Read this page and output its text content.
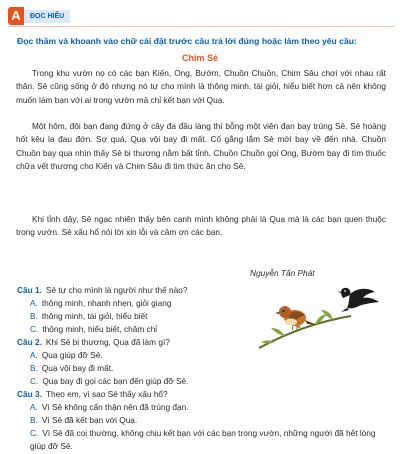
A	ĐỌC HIỂU
Đọc thầm và khoanh vào chữ cái đặt trước câu trả lời đúng hoặc làm theo yêu cầu:
Chim Sẻ

Trong khu vườn nọ có các bạn Kiến, Ong, Bướm, Chuồn Chuồn, Chim Sâu chơi với nhau rất thân. Sẻ cũng sống ở đó nhưng nó tự cho mình là thông minh, tài giỏi, hiểu biết hơn cả nên không muốn làm bạn với ai trong vườn mà chỉ kết bạn với Quạ.

Một hôm, đôi bạn đang đứng ở cây đa đầu làng thì bỗng một viên đạn bay trúng Sẻ. Sẻ hoảng hốt kêu la đau đớn. Sợ quá, Quạ vội bay đi mất. Cố gắng lắm Sẻ mới bay về đến nhà. Chuồn Chuồn bay qua nhìn thấy Sẻ bị thương nằm bất tỉnh. Chuồn Chuồn gọi Ong, Bướm bay đi tìm thuốc chữa vết thương cho Kiến và Chim Sâu đi tìm thức ăn cho Sẻ.

Khi tỉnh dậy, Sẻ ngạc nhiên thấy bên cạnh mình không phải là Quạ mà là các bạn quen thuộc trong vườn. Sẻ xấu hổ nói lời xin lỗi và cảm ơn các bạn.

Nguyễn Tấn Phát
Câu 1. Sẻ tự cho mình là người như thế nào?
A. thông minh, nhanh nhẹn, giỏi giang
B. thông minh, tài giỏi, hiểu biết
C. thông minh, hiểu biết, chăm chỉ
Câu 2. Khi Sẻ bị thương, Quạ đã làm gì?
A. Quạ giúp đỡ Sẻ.
B. Quạ vội bay đi mất.
C. Quạ bay đi gọi các bạn đến giúp đỡ Sẻ.
Câu 3. Theo em, vì sao Sẻ thấy xấu hổ?
A. Vì Sẻ không cẩn thận nên đã trúng đạn.
B. Vì Sẻ đã kết bạn với Quạ.
C. Vì Sẻ đã coi thường, không chịu kết bạn với các bạn trong vườn, những người đã hết lòng giúp đỡ Sẻ.
